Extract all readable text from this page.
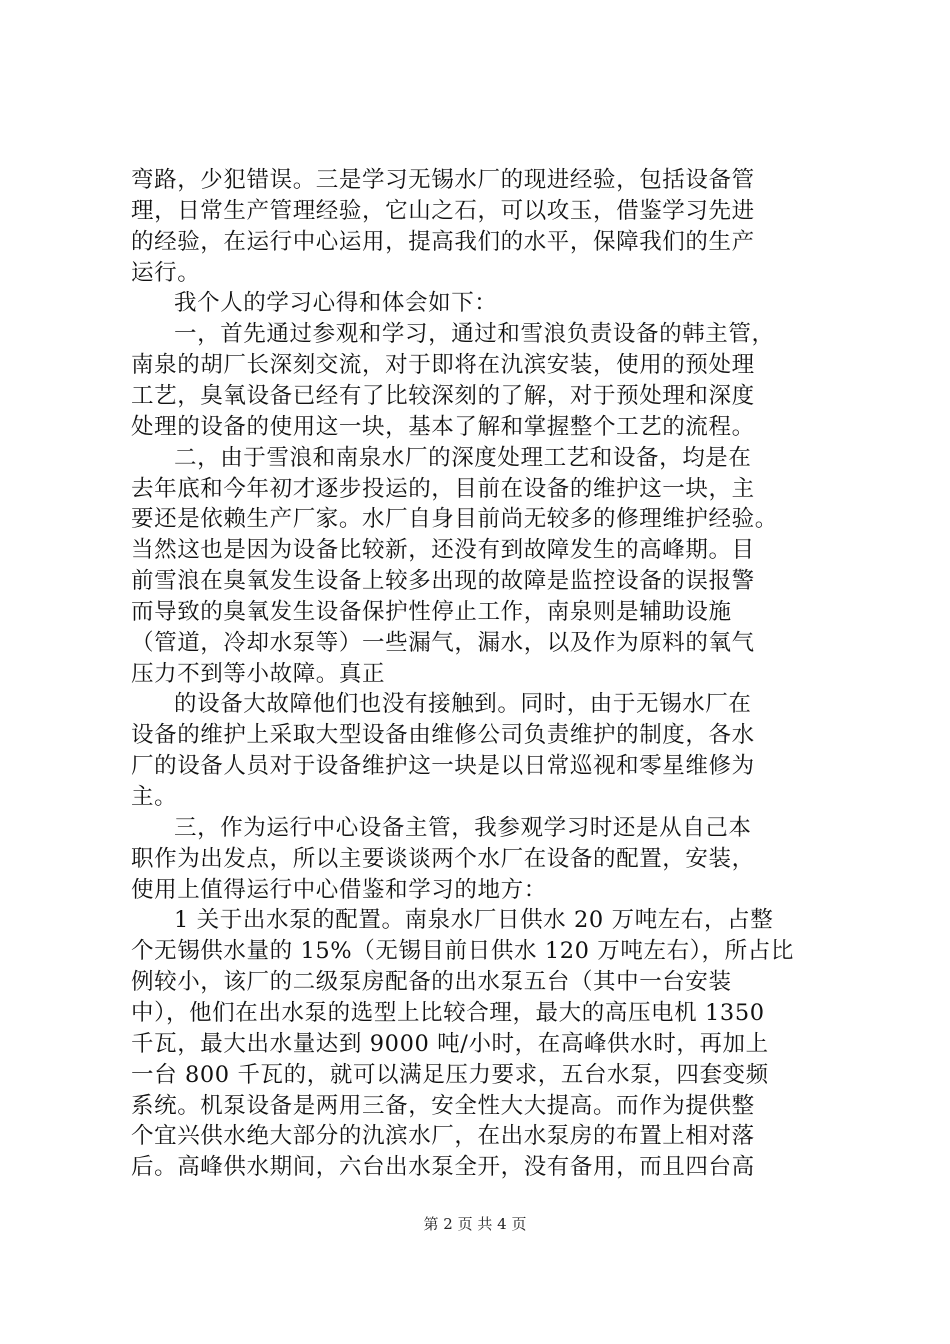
弯路，少犯错误。三是学习无锡水厂的现进经验，包括设备管
理，日常生产管理经验，它山之石，可以攻玉，借鉴学习先进
的经验，在运行中心运用，提高我们的水平，保障我们的生产
运行。
我个人的学习心得和体会如下：
一，首先通过参观和学习，通过和雪浪负责设备的韩主管，
南泉的胡厂长深刻交流，对于即将在氿滨安装，使用的预处理
工艺，臭氧设备已经有了比较深刻的了解，对于预处理和深度
处理的设备的使用这一块，基本了解和掌握整个工艺的流程。
二，由于雪浪和南泉水厂的深度处理工艺和设备，均是在
去年底和今年初才逐步投运的，目前在设备的维护这一块，主
要还是依赖生产厂家。水厂自身目前尚无较多的修理维护经验。
当然这也是因为设备比较新，还没有到故障发生的高峰期。目
前雪浪在臭氧发生设备上较多出现的故障是监控设备的误报警
而导致的臭氧发生设备保护性停止工作，南泉则是辅助设施
（管道，冷却水泵等）一些漏气，漏水，以及作为原料的氧气
压力不到等小故障。真正
的设备大故障他们也没有接触到。同时，由于无锡水厂在
设备的维护上采取大型设备由维修公司负责维护的制度，各水
厂的设备人员对于设备维护这一块是以日常巡视和零星维修为
主。
三，作为运行中心设备主管，我参观学习时还是从自己本
职作为出发点，所以主要谈谈两个水厂在设备的配置，安装，
使用上值得运行中心借鉴和学习的地方：
1 关于出水泵的配置。南泉水厂日供水 20 万吨左右，占整
个无锡供水量的 15%（无锡目前日供水 120 万吨左右），所占比
例较小，该厂的二级泵房配备的出水泵五台（其中一台安装
中），他们在出水泵的选型上比较合理，最大的高压电机 1350
千瓦，最大出水量达到 9000 吨/小时，在高峰供水时，再加上
一台 800 千瓦的，就可以满足压力要求，五台水泵，四套变频
系统。机泵设备是两用三备，安全性大大提高。而作为提供整
个宜兴供水绝大部分的氿滨水厂，在出水泵房的布置上相对落
后。高峰供水期间，六台出水泵全开，没有备用，而且四台高
第 2 页 共 4 页
